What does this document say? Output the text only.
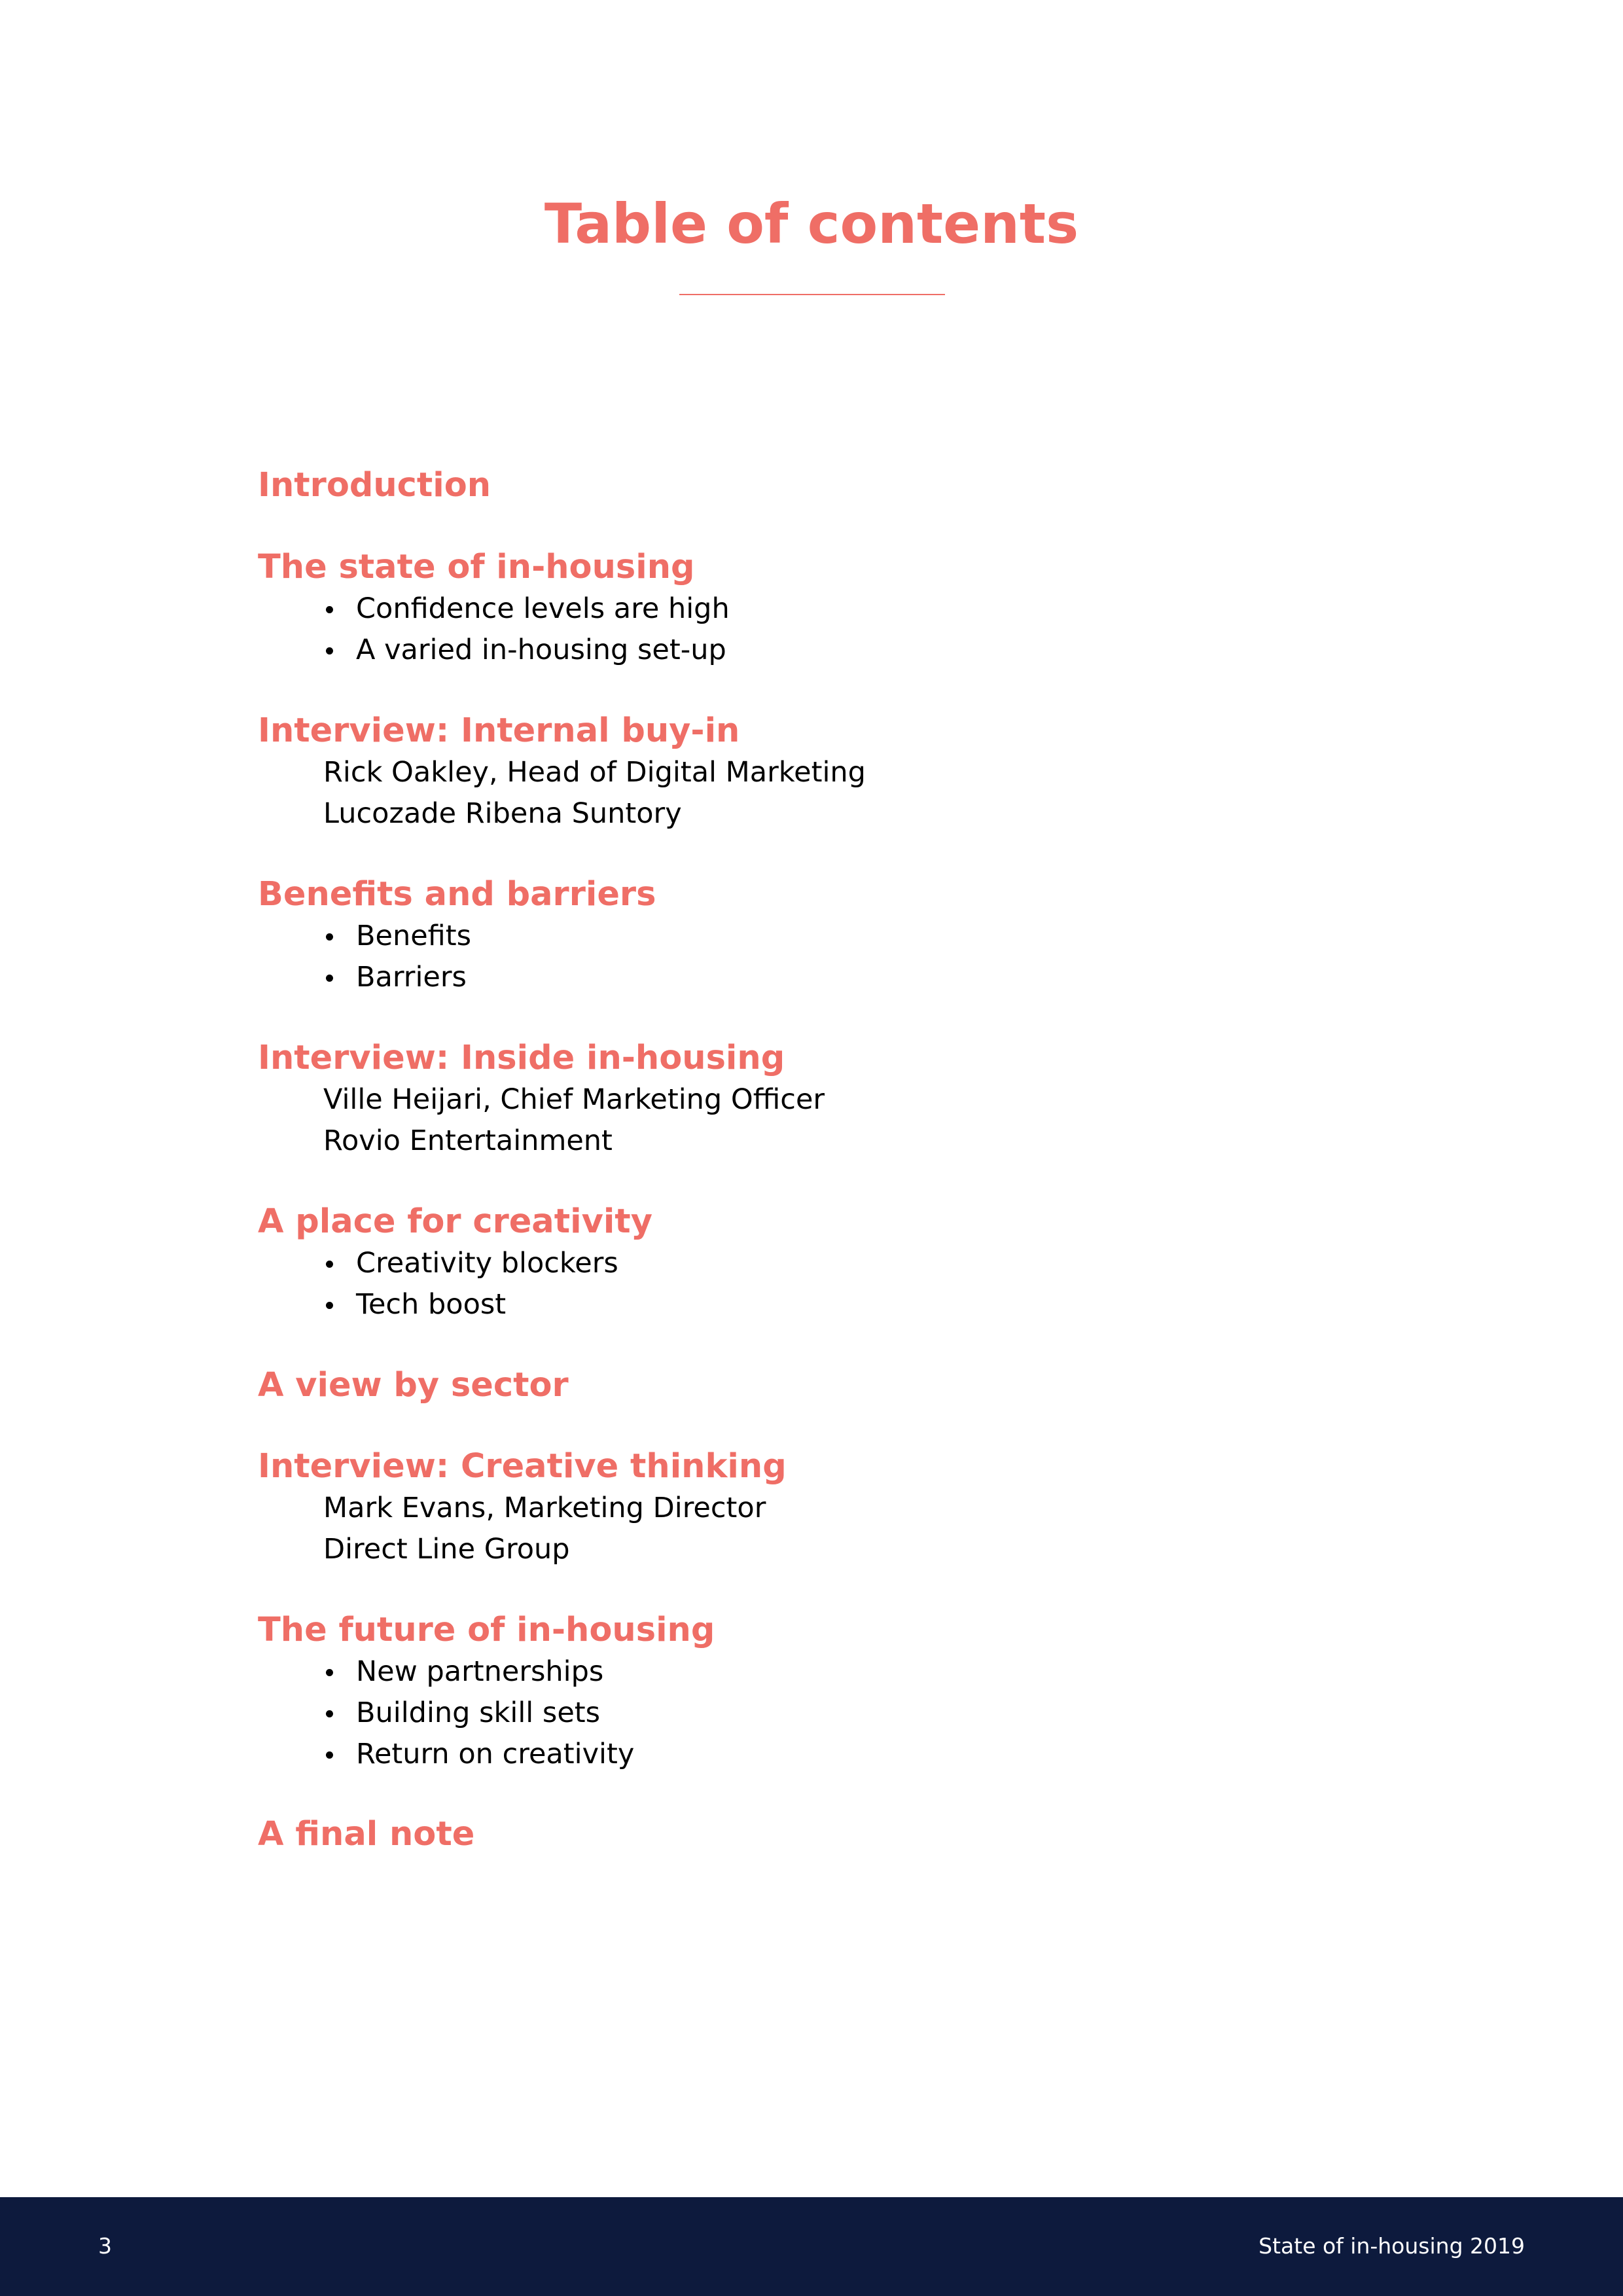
Table of contents
Introduction
The state of in-housing
Confidence levels are high
A varied in-housing set-up
Interview: Internal buy-in
Rick Oakley, Head of Digital Marketing
Lucozade Ribena Suntory
Benefits and barriers
Benefits
Barriers
Interview: Inside in-housing
Ville Heijari, Chief Marketing Officer
Rovio Entertainment
A place for creativity
Creativity blockers
Tech boost
A view by sector
Interview: Creative thinking
Mark Evans, Marketing Director
Direct Line Group
The future of in-housing
New partnerships
Building skill sets
Return on creativity
A final note
3	State of in-housing 2019
